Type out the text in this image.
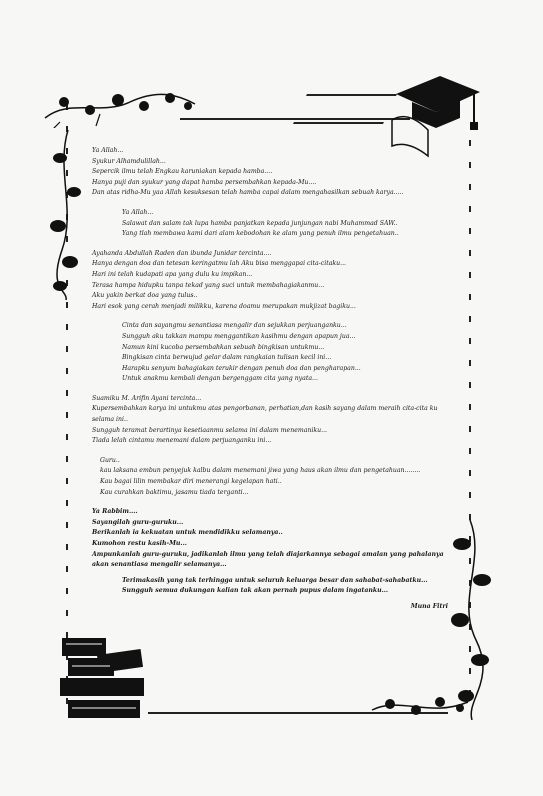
Ya Allah...

Syukur Alhamdulillah...

Sepercik ilmu telah Engkau karuniakan kepada hamba....

Hanya puji dan syukur yang dapat hamba persembahkan kepada-Mu....

Dan atas ridha-Mu yaa Allah kesuksesan telah hamba capai dalam mengahasilkan sebuah karya.....

Ya Allah...

Salawat dan salam tak lupa hamba panjatkan kepada junjungan nabi Muhammad SAW..

Yang tlah membawa kami dari alam kebodohan ke alam yang penuh ilmu pengetahuan..

Ayahanda Abdullah Raden dan ibunda Junidar tercinta....

Hanya dengan doa dan tetesan keringatmu lah Aku bisa menggapai cita-citaku...

Hari ini telah kudapati apa yang dulu ku impikan...

Terasa hampa hidupku tanpa tekad yang suci untuk membahagiakanmu...

Aku yakin berkat doa yang tulus..

Hari esok yang cerah menjadi milikku, karena doamu merupakan mukjizat bagiku...

Cinta dan sayangmu senantiasa mengalir dan sejukkan perjuanganku...

Sungguh aku takkan mampu menggantikan kasihmu dengan apapun jua...

Namun kini kucoba persembahkan sebuah bingkisan untukmu...

Bingkisan cinta berwujud gelar dalam rangkaian tulisan kecil ini...

Harapku senyum bahagiakan terukir dengan penuh doa dan pengharapan...

Untuk anakmu kembali dengan bergenggam cita yang nyata...

Suamiku M. Arifin Ayani tercinta...

Kupersembahkan karya ini untukmu atas pengorbanan, perhatian,dan kasih sayang dalam meraih cita-cita ku selama ini..

Sungguh teramat berartinya kesetiaanmu selama ini dalam menemaniku...

Tiada lelah cintamu menemani dalam perjuanganku ini...

Guru..

kau laksana embun penyejuk kalbu dalam menemani jiwa yang haus akan ilmu dan pengetahuan........

Kau bagai lilin membakar diri menerangi kegelapan hati..

Kau curahkan baktimu, jasamu tiada terganti...

Ya Rabbim....

Sayangilah guru-guruku...

Berikanlah ia kekuatan untuk mendidikku selamanya..

Kumohon restu kasih-Mu...

Ampunkanlah guru-guruku, jadikanlah ilmu yang telah diajarkannya sebagai amalan yang pahalanya akan senantiasa mengalir selamanya...

Terimakasih yang tak terhingga untuk seluruh keluarga besar dan sahabat-sahabatku...

Sungguh semua dukungan kalian tak akan pernah pupus dalam ingatanku...

Muna Fitri
